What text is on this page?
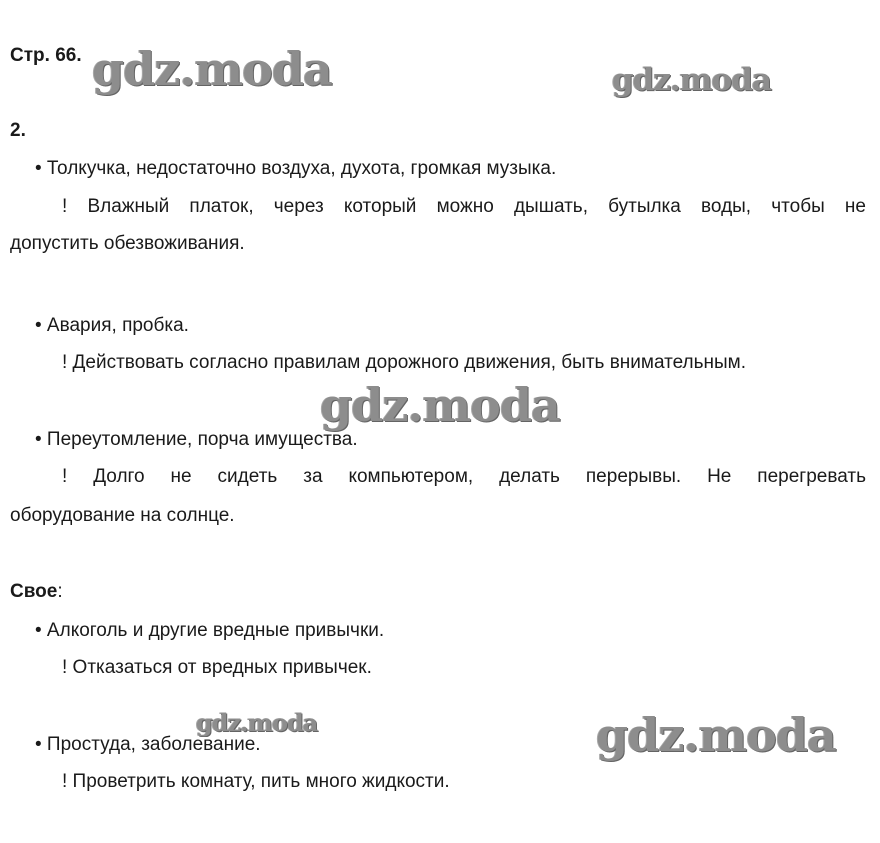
Стр. 66.
2.
• Толкучка, недостаточно воздуха, духота, громкая музыка.
! Влажный платок, через который можно дышать, бутылка воды, чтобы не
допустить обезвоживания.
• Авария, пробка.
! Действовать согласно правилам дорожного движения, быть внимательным.
• Переутомление, порча имущества.
! Долго не сидеть за компьютером, делать перерывы. Не перегревать
оборудование на солнце.
Свое:
• Алкоголь и другие вредные привычки.
! Отказаться от вредных привычек.
• Простуда, заболевание.
! Проветрить комнату, пить много жидкости.
gdz.moda	gdz.moda
gdz.moda
gdz.moda	gdz.moda
